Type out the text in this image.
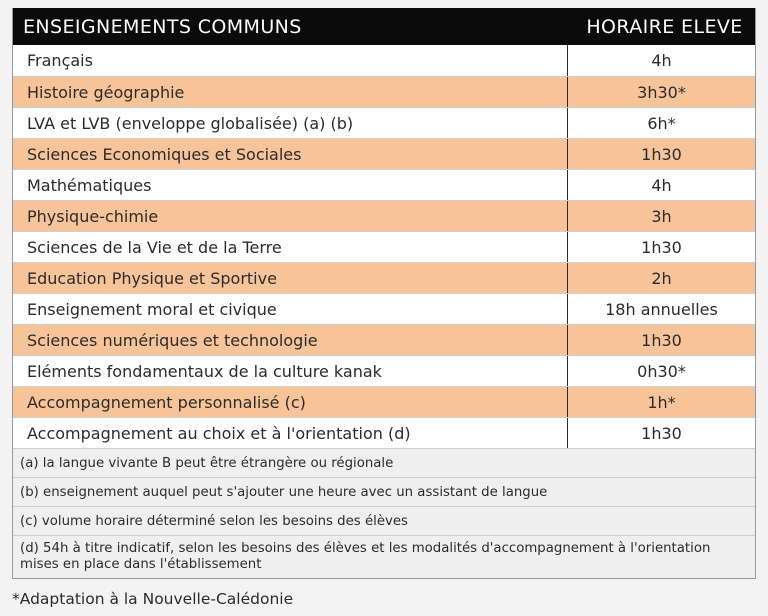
ENSEIGNEMENTS COMMUNS	HORAIRE ELEVE
Français	4h
Histoire géographie	3h30*
LVA et LVB (enveloppe globalisée) (a) (b)	6h*
Sciences Economiques et Sociales	1h30
Mathématiques	4h
Physique-chimie	3h
Sciences de la Vie et de la Terre	1h30
Education Physique et Sportive	2h
Enseignement moral et civique	18h annuelles
Sciences numériques et technologie	1h30
Eléments fondamentaux de la culture kanak	0h30*
Accompagnement personnalisé (c)	1h*
Accompagnement au choix et à l'orientation (d)	1h30
(a) la langue vivante B peut être étrangère ou régionale
(b) enseignement auquel peut s'ajouter une heure avec un assistant de langue
(c) volume horaire déterminé selon les besoins des élèves
(d) 54h à titre indicatif, selon les besoins des élèves et les modalités d'accompagnement à l'orientation mises en place dans l'établissement
*Adaptation à la Nouvelle-Calédonie
